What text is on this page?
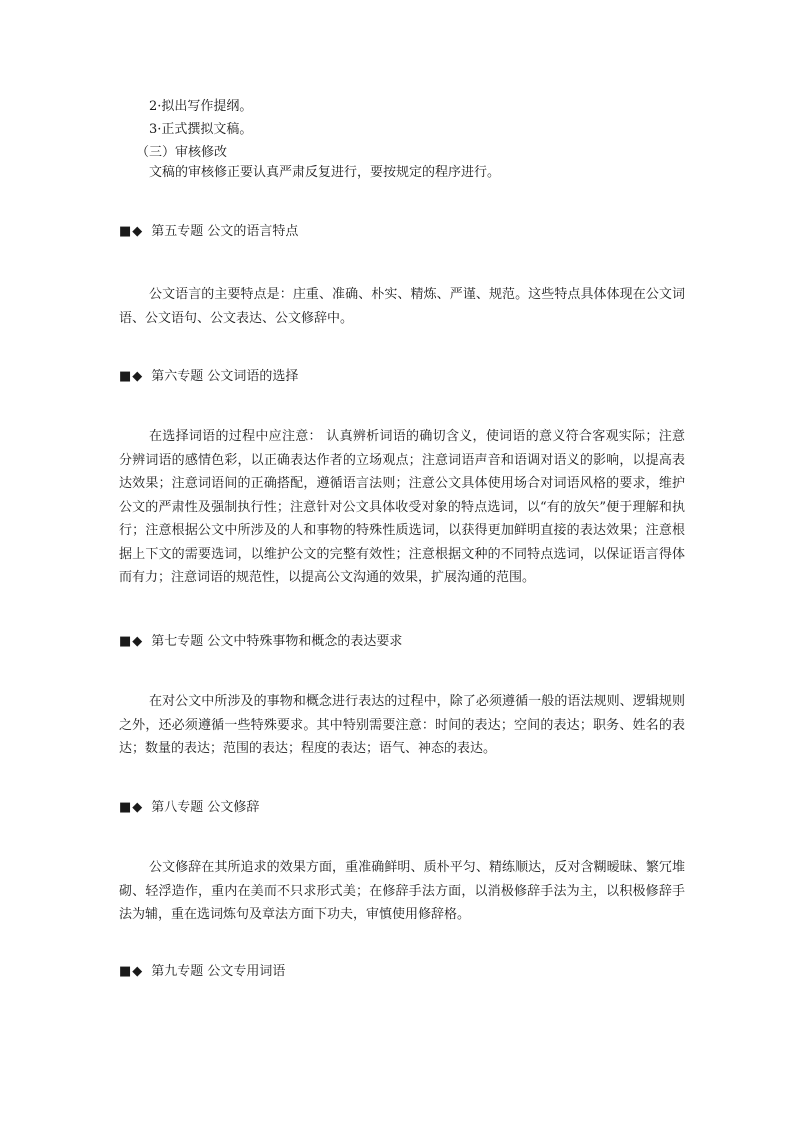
2·拟出写作提纲。
3·正式撰拟文稿。
（三）审核修改
文稿的审核修正要认真严肃反复进行，要按规定的程序进行。
■◆ 第五专题 公文的语言特点
公文语言的主要特点是：庄重、准确、朴实、精炼、严谨、规范。这些特点具体体现在公文词语、公文语句、公文表达、公文修辞中。
■◆ 第六专题 公文词语的选择
在选择词语的过程中应注意： 认真辨析词语的确切含义，使词语的意义符合客观实际；注意分辨词语的感情色彩，以正确表达作者的立场观点；注意词语声音和语调对语义的影响，以提高表达效果；注意词语间的正确搭配，遵循语言法则；注意公文具体使用场合对词语风格的要求，维护公文的严肃性及强制执行性；注意针对公文具体收受对象的特点选词，以“有的放矢”便于理解和执行；注意根据公文中所涉及的人和事物的特殊性质选词，以获得更加鲜明直接的表达效果；注意根据上下文的需要选词，以维护公文的完整有效性；注意根据文种的不同特点选词，以保证语言得体而有力；注意词语的规范性，以提高公文沟通的效果，扩展沟通的范围。
■◆ 第七专题 公文中特殊事物和概念的表达要求
在对公文中所涉及的事物和概念进行表达的过程中，除了必须遵循一般的语法规则、逻辑规则之外，还必须遵循一些特殊要求。其中特别需要注意：时间的表达；空间的表达；职务、姓名的表达；数量的表达；范围的表达；程度的表达；语气、神态的表达。
■◆ 第八专题 公文修辞
公文修辞在其所追求的效果方面，重准确鲜明、质朴平匀、精练顺达，反对含糊暧昧、繁冗堆砌、轻浮造作，重内在美而不只求形式美；在修辞手法方面，以消极修辞手法为主，以积极修辞手法为辅，重在选词炼句及章法方面下功夫，审慎使用修辞格。
■◆ 第九专题 公文专用词语
